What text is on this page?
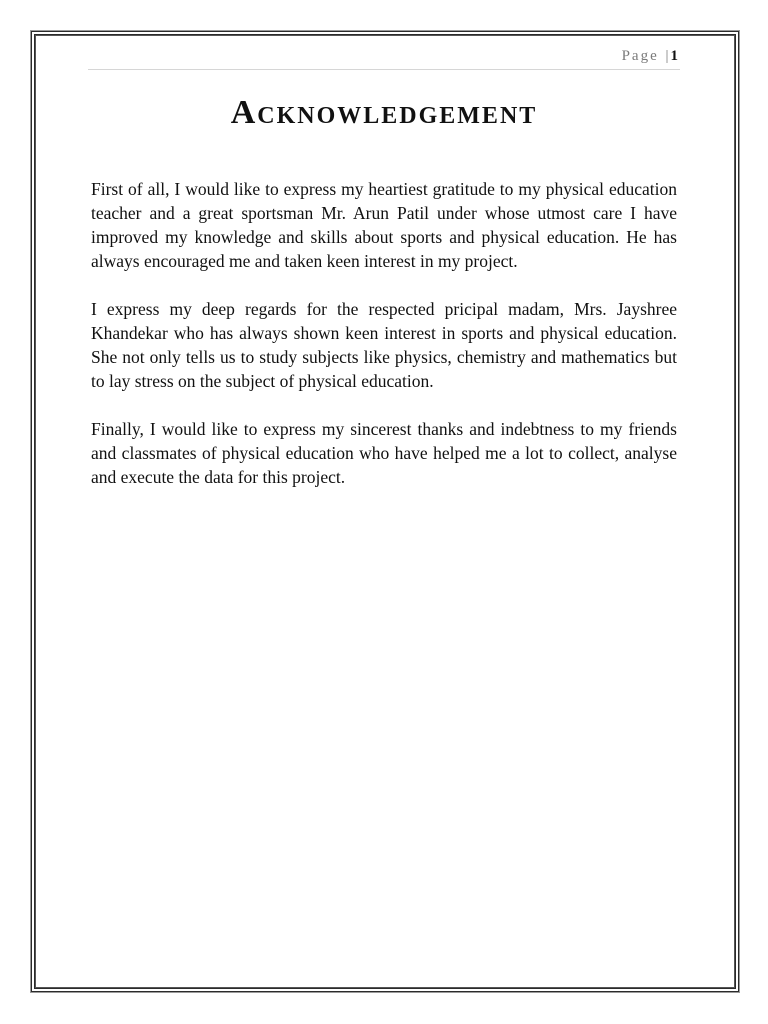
Page | 1
Acknowledgement

First of all, I would like to express my heartiest gratitude to my physical education teacher and a great sportsman Mr. Arun Patil under whose utmost care I have improved my knowledge and skills about sports and physical education. He has always encouraged me and taken keen interest in my project.

I express my deep regards for the respected pricipal madam, Mrs. Jayshree Khandekar who has always shown keen interest in sports and physical education. She not only tells us to study subjects like physics, chemistry and mathematics but to lay stress on the subject of physical education.

Finally, I would like to express my sincerest thanks and indebtness to my friends and classmates of physical education who have helped me a lot to collect, analyse and execute the data for this project.
